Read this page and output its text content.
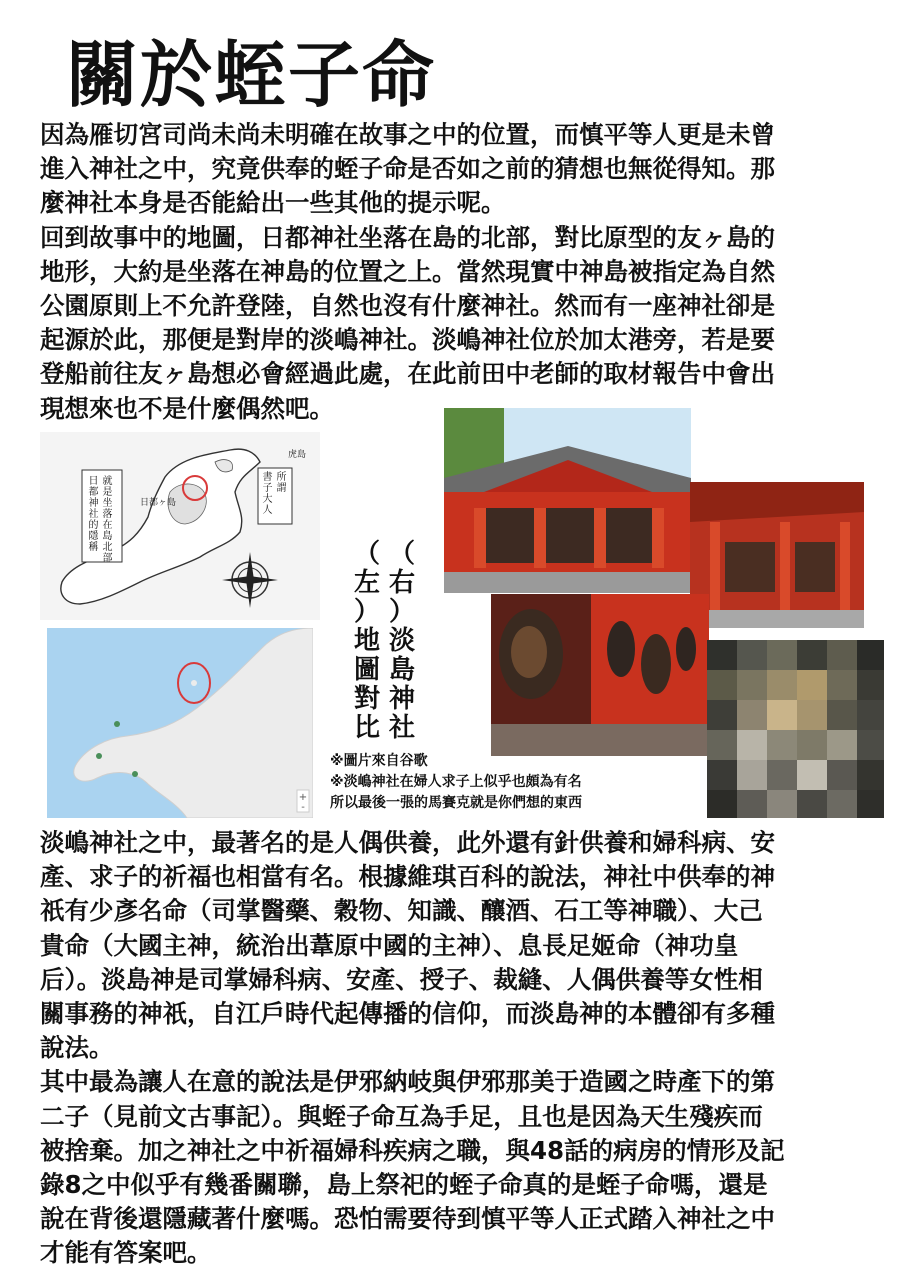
關於蛭子命

因為雁切宮司尚未尚未明確在故事之中的位置，而慎平等人更是未曾
進入神社之中，究竟供奉的蛭子命是否如之前的猜想也無從得知。那
麼神社本身是否能給出一些其他的提示呢。
回到故事中的地圖，日都神社坐落在島的北部，對比原型的友ヶ島的
地形，大約是坐落在神島的位置之上。當然現實中神島被指定為自然
公園原則上不允許登陸，自然也沒有什麼神社。然而有一座神社卻是
起源於此，那便是對岸的淡嶋神社。淡嶋神社位於加太港旁，若是要
登船前往友ヶ島想必會經過此處，在此前田中老師的取材報告中會出
現想來也不是什麼偶然吧。

就
是
坐
落
在
島
北
部
日
都
神
社
的
隱
稱
所
謂
書
子
大
人
日都ヶ島
虎島
+
-
（
右
）
淡
島
神
社
（
左
）
地
圖
對
比
※圖片來自谷歌
※淡嶋神社在婦人求子上似乎也頗為有名
所以最後一張的馬賽克就是你們想的東西

淡嶋神社之中，最著名的是人偶供養，此外還有針供養和婦科病、安
產、求子的祈福也相當有名。根據維琪百科的說法，神社中供奉的神
祇有少彥名命（司掌醫藥、穀物、知識、釀酒、石工等神職）、大己
貴命（大國主神，統治出葦原中國的主神）、息長足姬命（神功皇
后）。淡島神是司掌婦科病、安產、授子、裁縫、人偶供養等女性相
關事務的神祇，自江戶時代起傳播的信仰，而淡島神的本體卻有多種
說法。
其中最為讓人在意的說法是伊邪納岐與伊邪那美于造國之時產下的第
二子（見前文古事記）。與蛭子命互為手足，且也是因為天生殘疾而
被捨棄。加之神社之中祈福婦科疾病之職，與48話的病房的情形及記
錄8之中似乎有幾番關聯，島上祭祀的蛭子命真的是蛭子命嗎，還是
說在背後還隱藏著什麼嗎。恐怕需要待到慎平等人正式踏入神社之中
才能有答案吧。
